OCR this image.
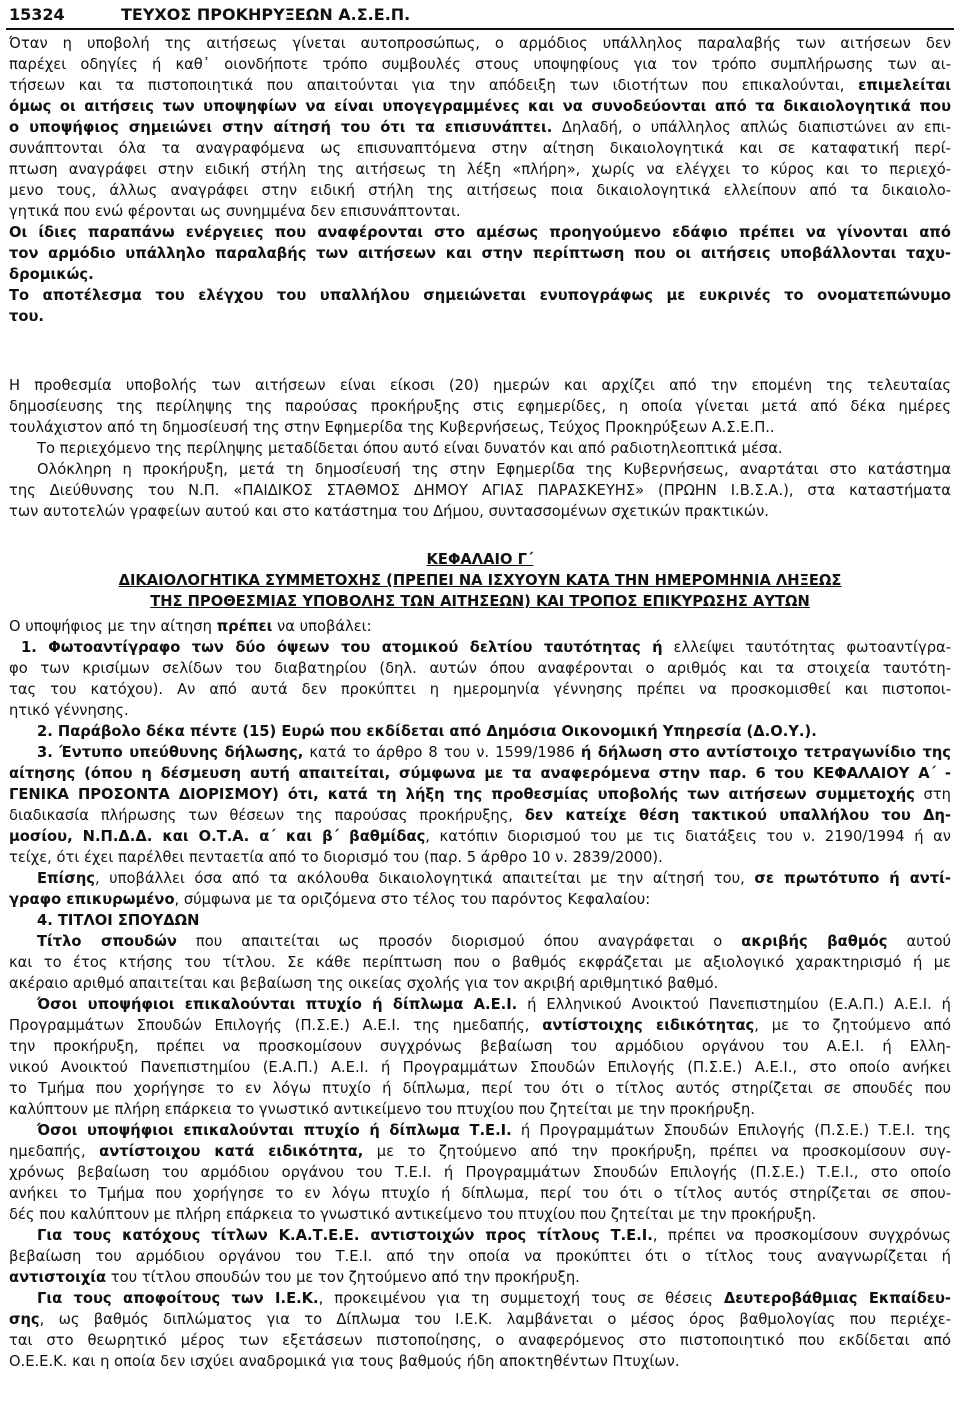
15324	ΤΕΥΧΟΣ ΠΡΟΚΗΡΥΞΕΩΝ Α.Σ.Ε.Π.
Όταν η υποβολή της αιτήσεως γίνεται αυτοπροσώπως, ο αρμόδιος υπάλληλος παραλαβής των αιτήσεων δεν
παρέχει οδηγίες ή καθ᾽ οιονδήποτε τρόπο συμβουλές στους υποψηφίους για τον τρόπο συμπλήρωσης των αι-
τήσεων και τα πιστοποιητικά που απαιτούνται για την απόδειξη των ιδιοτήτων που επικαλούνται, επιμελείται
όμως οι αιτήσεις των υποψηφίων να είναι υπογεγραμμένες και να συνοδεύονται από τα δικαιολογητικά που
ο υποψήφιος σημειώνει στην αίτησή του ότι τα επισυνάπτει. Δηλαδή, ο υπάλληλος απλώς διαπιστώνει αν επι-
συνάπτονται όλα τα αναγραφόμενα ως επισυναπτόμενα στην αίτηση δικαιολογητικά και σε καταφατική περί-
πτωση αναγράφει στην ειδική στήλη της αιτήσεως τη λέξη «πλήρη», χωρίς να ελέγχει το κύρος και το περιεχό-
μενο τους, άλλως αναγράφει στην ειδική στήλη της αιτήσεως ποια δικαιολογητικά ελλείπουν από τα δικαιολο-
γητικά που ενώ φέρονται ως συνημμένα δεν επισυνάπτονται.
Οι ίδιες παραπάνω ενέργειες που αναφέρονται στο αμέσως προηγούμενο εδάφιο πρέπει να γίνονται από
τον αρμόδιο υπάλληλο παραλαβής των αιτήσεων και στην περίπτωση που οι αιτήσεις υποβάλλονται ταχυ-
δρομικώς.
Το αποτέλεσμα του ελέγχου του υπαλλήλου σημειώνεται ενυπογράφως με ευκρινές το ονοματεπώνυμο
του.
Η προθεσμία υποβολής των αιτήσεων είναι είκοσι (20) ημερών και αρχίζει από την επομένη της τελευταίας
δημοσίευσης της περίληψης της παρούσας προκήρυξης στις εφημερίδες, η οποία γίνεται μετά από δέκα ημέρες
τουλάχιστον από τη δημοσίευσή της στην Εφημερίδα της Κυβερνήσεως, Τεύχος Προκηρύξεων Α.Σ.Ε.Π..
Το περιεχόμενο της περίληψης μεταδίδεται όπου αυτό είναι δυνατόν και από ραδιοτηλεοπτικά μέσα.
Ολόκληρη η προκήρυξη, μετά τη δημοσίευσή της στην Εφημερίδα της Κυβερνήσεως, αναρτάται στο κατάστημα
της Διεύθυνσης του Ν.Π. «ΠΑΙΔΙΚΟΣ ΣΤΑΘΜΟΣ ΔΗΜΟΥ ΑΓΙΑΣ ΠΑΡΑΣΚΕΥΗΣ» (ΠΡΩΗΝ Ι.Β.Σ.Α.), στα καταστήματα
των αυτοτελών γραφείων αυτού και στο κατάστημα του Δήμου, συντασσομένων σχετικών πρακτικών.
ΚΕΦΑΛΑΙΟ Γ΄
ΔΙΚΑΙΟΛΟΓΗΤΙΚΑ ΣΥΜΜΕΤΟΧΗΣ (ΠΡΕΠΕΙ ΝΑ ΙΣΧΥΟΥΝ ΚΑΤΑ ΤΗΝ ΗΜΕΡΟΜΗΝΙΑ ΛΗΞΕΩΣ
ΤΗΣ ΠΡΟΘΕΣΜΙΑΣ ΥΠΟΒΟΛΗΣ ΤΩΝ ΑΙΤΗΣΕΩΝ) ΚΑΙ ΤΡΟΠΟΣ ΕΠΙΚΥΡΩΣΗΣ ΑΥΤΩΝ
Ο υποψήφιος με την αίτηση πρέπει να υποβάλει:
1. Φωτοαντίγραφο των δύο όψεων του ατομικού δελτίου ταυτότητας ή ελλείψει ταυτότητας φωτοαντίγρα-
φο των κρισίμων σελίδων του διαβατηρίου (δηλ. αυτών όπου αναφέρονται ο αριθμός και τα στοιχεία ταυτότη-
τας του κατόχου). Αν από αυτά δεν προκύπτει η ημερομηνία γέννησης πρέπει να προσκομισθεί και πιστοποι-
ητικό γέννησης.
2. Παράβολο δέκα πέντε (15) Ευρώ που εκδίδεται από Δημόσια Οικονομική Υπηρεσία (Δ.Ο.Υ.).
3. Έντυπο υπεύθυνης δήλωσης, κατά το άρθρο 8 του ν. 1599/1986 ή δήλωση στο αντίστοιχο τετραγωνίδιο της
αίτησης (όπου η δέσμευση αυτή απαιτείται, σύμφωνα με τα αναφερόμενα στην παρ. 6 του ΚΕΦΑΛΑΙΟΥ Α΄ -
ΓΕΝΙΚΑ ΠΡΟΣΟΝΤΑ ΔΙΟΡΙΣΜΟΥ) ότι, κατά τη λήξη της προθεσμίας υποβολής των αιτήσεων συμμετοχής στη
διαδικασία πλήρωσης των θέσεων της παρούσας προκήρυξης, δεν κατείχε θέση τακτικού υπαλλήλου του Δη-
μοσίου, Ν.Π.Δ.Δ. και Ο.Τ.Α. α΄ και β΄ βαθμίδας, κατόπιν διορισμού του με τις διατάξεις του ν. 2190/1994 ή αν
τείχε, ότι έχει παρέλθει πενταετία από το διορισμό του (παρ. 5 άρθρο 10 ν. 2839/2000).
Επίσης, υποβάλλει όσα από τα ακόλουθα δικαιολογητικά απαιτείται με την αίτησή του, σε πρωτότυπο ή αντί-
γραφο επικυρωμένο, σύμφωνα με τα οριζόμενα στο τέλος του παρόντος Κεφαλαίου:
4. ΤΙΤΛΟΙ ΣΠΟΥΔΩΝ
Τίτλο σπουδών που απαιτείται ως προσόν διορισμού όπου αναγράφεται ο ακριβής βαθμός αυτού
και το έτος κτήσης του τίτλου. Σε κάθε περίπτωση που ο βαθμός εκφράζεται με αξιολογικό χαρακτηρισμό ή με
ακέραιο αριθμό απαιτείται και βεβαίωση της οικείας σχολής για τον ακριβή αριθμητικό βαθμό.
Όσοι υποψήφιοι επικαλούνται πτυχίο ή δίπλωμα Α.Ε.Ι. ή Ελληνικού Ανοικτού Πανεπιστημίου (Ε.Α.Π.) Α.Ε.Ι. ή
Προγραμμάτων Σπουδών Επιλογής (Π.Σ.Ε.) Α.Ε.Ι. της ημεδαπής, αντίστοιχης ειδικότητας, με το ζητούμενο από
την προκήρυξη, πρέπει να προσκομίσουν συγχρόνως βεβαίωση του αρμόδιου οργάνου του Α.Ε.Ι. ή Ελλη-
νικού Ανοικτού Πανεπιστημίου (Ε.Α.Π.) Α.Ε.Ι. ή Προγραμμάτων Σπουδών Επιλογής (Π.Σ.Ε.) Α.Ε.Ι., στο οποίο ανήκει
το Τμήμα που χορήγησε το εν λόγω πτυχίο ή δίπλωμα, περί του ότι ο τίτλος αυτός στηρίζεται σε σπουδές που
καλύπτουν με πλήρη επάρκεια το γνωστικό αντικείμενο του πτυχίου που ζητείται με την προκήρυξη.
Όσοι υποψήφιοι επικαλούνται πτυχίο ή δίπλωμα Τ.Ε.Ι. ή Προγραμμάτων Σπουδών Επιλογής (Π.Σ.Ε.) Τ.Ε.Ι. της
ημεδαπής, αντίστοιχου κατά ειδικότητα, με το ζητούμενο από την προκήρυξη, πρέπει να προσκομίσουν συγ-
χρόνως βεβαίωση του αρμόδιου οργάνου του Τ.Ε.Ι. ή Προγραμμάτων Σπουδών Επιλογής (Π.Σ.Ε.) Τ.Ε.Ι., στο οποίο
ανήκει το Τμήμα που χορήγησε το εν λόγω πτυχίο ή δίπλωμα, περί του ότι ο τίτλος αυτός στηρίζεται σε σπου-
δές που καλύπτουν με πλήρη επάρκεια το γνωστικό αντικείμενο του πτυχίου που ζητείται με την προκήρυξη.
Για τους κατόχους τίτλων Κ.Α.Τ.Ε.Ε. αντιστοιχών προς τίτλους Τ.Ε.Ι., πρέπει να προσκομίσουν συγχρόνως
βεβαίωση του αρμόδιου οργάνου του Τ.Ε.Ι. από την οποία να προκύπτει ότι ο τίτλος τους αναγνωρίζεται ή
αντιστοιχία του τίτλου σπουδών του με τον ζητούμενο από την προκήρυξη.
Για τους αποφοίτους των Ι.Ε.Κ., προκειμένου για τη συμμετοχή τους σε θέσεις Δευτεροβάθμιας Εκπαίδευ-
σης, ως βαθμός διπλώματος για το Δίπλωμα του Ι.Ε.Κ. λαμβάνεται ο μέσος όρος βαθμολογίας που περιέχε-
ται στο θεωρητικό μέρος των εξετάσεων πιστοποίησης, ο αναφερόμενος στο πιστοποιητικό που εκδίδεται από
Ο.Ε.Ε.Κ. και η οποία δεν ισχύει αναδρομικά για τους βαθμούς ήδη αποκτηθέντων Πτυχίων.
